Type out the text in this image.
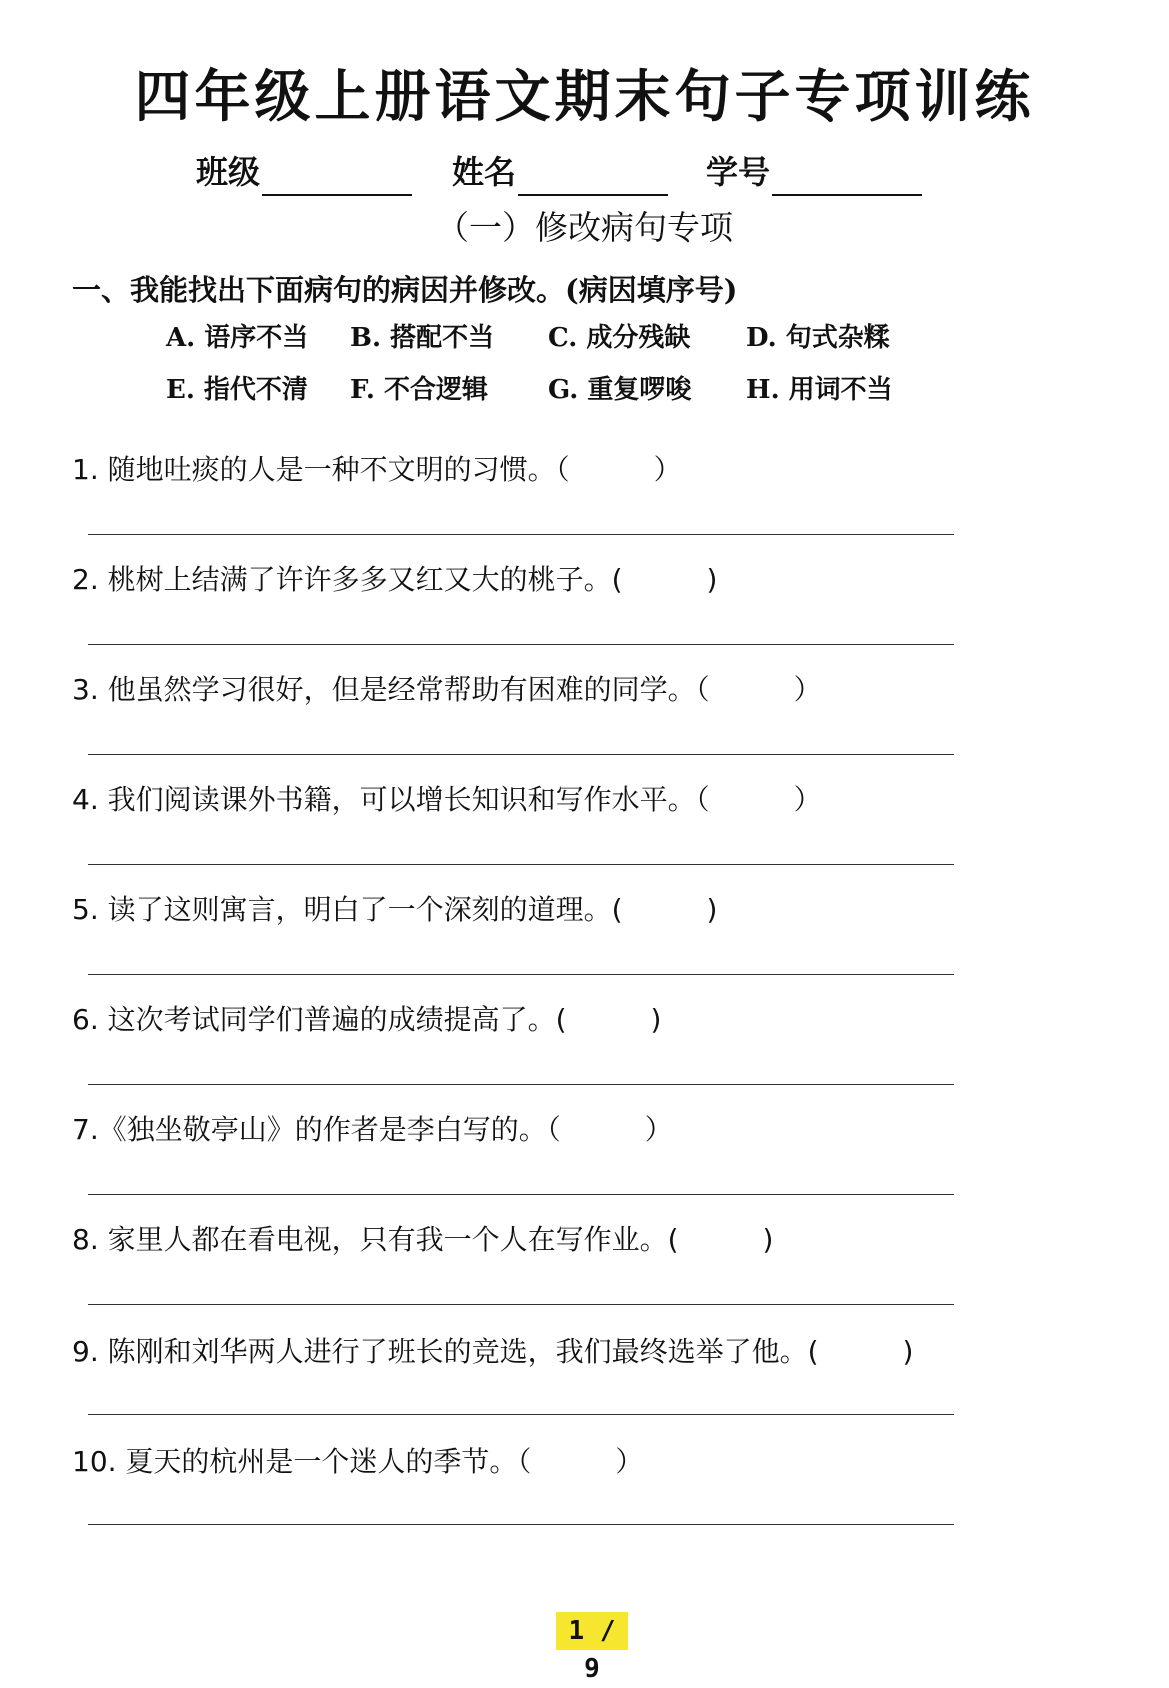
四年级上册语文期末句子专项训练
班级	姓名	学号
（一）修改病句专项
一、我能找出下面病句的病因并修改。(病因填序号)
A. 语序不当 B. 搭配不当 C. 成分残缺 D. 句式杂糅
E. 指代不清 F. 不合逻辑 G. 重复啰唆 H. 用词不当
1. 随地吐痰的人是一种不文明的习惯。（　　　）
2. 桃树上结满了许许多多又红又大的桃子。(　　　)
3. 他虽然学习很好，但是经常帮助有困难的同学。（　　　）
4. 我们阅读课外书籍，可以增长知识和写作水平。（　　　）
5. 读了这则寓言，明白了一个深刻的道理。(　　　)
6. 这次考试同学们普遍的成绩提高了。(　　　)
7.《独坐敬亭山》的作者是李白写的。（　　　）
8. 家里人都在看电视，只有我一个人在写作业。(　　　)
9. 陈刚和刘华两人进行了班长的竞选，我们最终选举了他。(　　　)
10. 夏天的杭州是一个迷人的季节。（　　　）
1 / 9
